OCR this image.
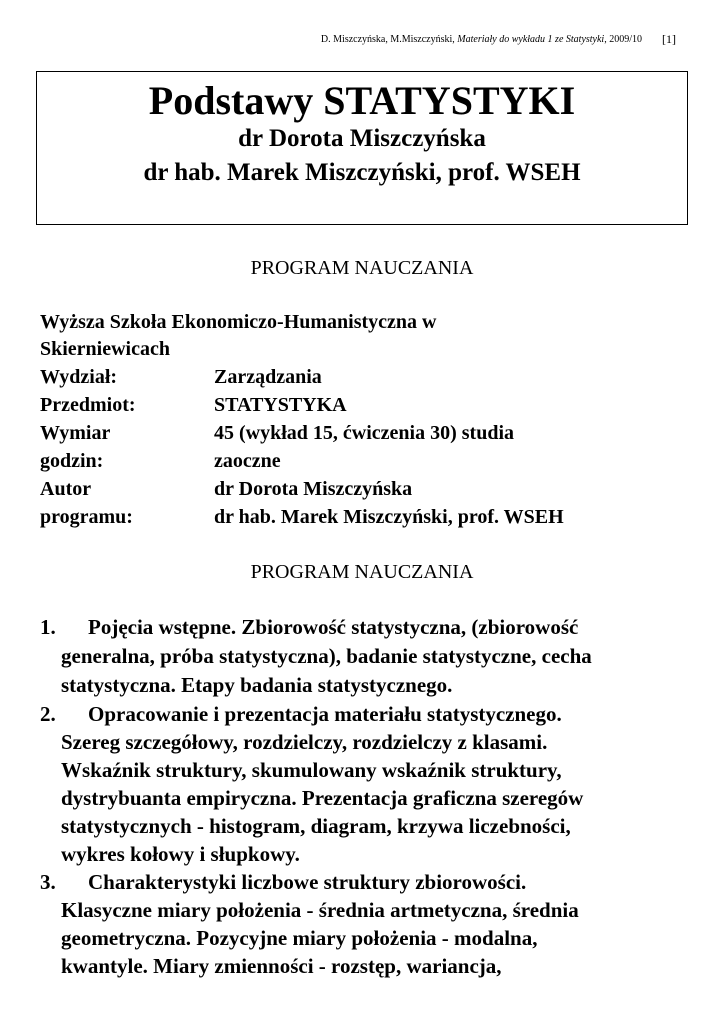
D. Miszczyńska, M.Miszczyński, Materiały do wykładu 1 ze Statystyki, 2009/10 [1]
Podstawy STATYSTYKI
dr Dorota Miszczyńska
dr hab. Marek Miszczyński, prof. WSEH
PROGRAM NAUCZANIA
Wyższa Szkoła Ekonomiczo-Humanistyczna w
Skierniewicach
Wydział:	Zarządzania
Przedmiot:	STATYSTYKA
Wymiar	45 (wykład 15, ćwiczenia 30) studia
godzin:	zaoczne
Autor	dr Dorota Miszczyńska
programu:	dr hab. Marek Miszczyński, prof. WSEH
PROGRAM NAUCZANIA
1. Pojęcia wstępne. Zbiorowość statystyczna, (zbiorowość
generalna, próba statystyczna), badanie statystyczne, cecha
statystyczna. Etapy badania statystycznego.
2. Opracowanie i prezentacja materiału statystycznego.
Szereg szczegółowy, rozdzielczy, rozdzielczy z klasami.
Wskaźnik struktury, skumulowany wskaźnik struktury,
dystrybuanta empiryczna. Prezentacja graficzna szeregów
statystycznych - histogram, diagram, krzywa liczebności,
wykres kołowy i słupkowy.
3. Charakterystyki liczbowe struktury zbiorowości.
Klasyczne miary położenia - średnia artmetyczna, średnia
geometryczna. Pozycyjne miary położenia - modalna,
kwantyle. Miary zmienności - rozstęp, wariancja,
